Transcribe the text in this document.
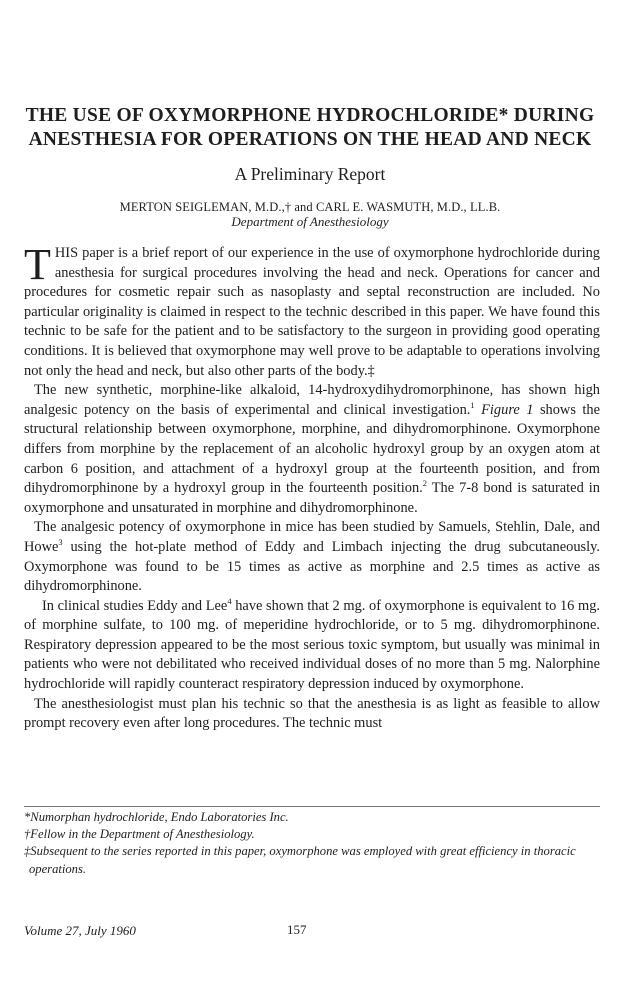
THE USE OF OXYMORPHONE HYDROCHLORIDE* DURING
ANESTHESIA FOR OPERATIONS ON THE HEAD AND NECK
A Preliminary Report
MERTON SEIGLEMAN, M.D.,† and CARL E. WASMUTH, M.D., LL.B.
Department of Anesthesiology

THIS paper is a brief report of our experience in the use of oxymorphone hydrochloride during anesthesia for surgical procedures involving the head and neck. Operations for cancer and procedures for cosmetic repair such as nasoplasty and septal reconstruction are included. No particular originality is claimed in respect to the technic described in this paper. We have found this technic to be safe for the patient and to be satisfactory to the surgeon in providing good operating conditions. It is believed that oxymorphone may well prove to be adaptable to operations involving not only the head and neck, but also other parts of the body.‡

The new synthetic, morphine-like alkaloid, 14-hydroxydihydromorphinone, has shown high analgesic potency on the basis of experimental and clinical investigation.$^1$ Figure 1 shows the structural relationship between oxymorphone, morphine, and dihydromorphinone. Oxymorphone differs from morphine by the replacement of an alcoholic hydroxyl group by an oxygen atom at carbon 6 position, and attachment of a hydroxyl group at the fourteenth position, and from dihydromorphinone by a hydroxyl group in the fourteenth position.$^2$ The 7-8 bond is saturated in oxymorphone and unsaturated in morphine and dihydromorphinone.

The analgesic potency of oxymorphone in mice has been studied by Samuels, Stehlin, Dale, and Howe$^3$ using the hot-plate method of Eddy and Limbach injecting the drug subcutaneously. Oxymorphone was found to be 15 times as active as morphine and 2.5 times as active as dihydromorphinone.

In clinical studies Eddy and Lee$^4$ have shown that 2 mg. of oxymorphone is equivalent to 16 mg. of morphine sulfate, to 100 mg. of meperidine hydrochloride, or to 5 mg. dihydromorphinone. Respiratory depression appeared to be the most serious toxic symptom, but usually was minimal in patients who were not debilitated who received individual doses of no more than 5 mg. Nalorphine hydrochloride will rapidly counteract respiratory depression induced by oxymorphone.

The anesthesiologist must plan his technic so that the anesthesia is as light as feasible to allow prompt recovery even after long procedures. The technic must

*Numorphan hydrochloride, Endo Laboratories Inc.
†Fellow in the Department of Anesthesiology.
‡Subsequent to the series reported in this paper, oxymorphone was employed with great efficiency in thoracic operations.
Volume 27, July 1960	157
